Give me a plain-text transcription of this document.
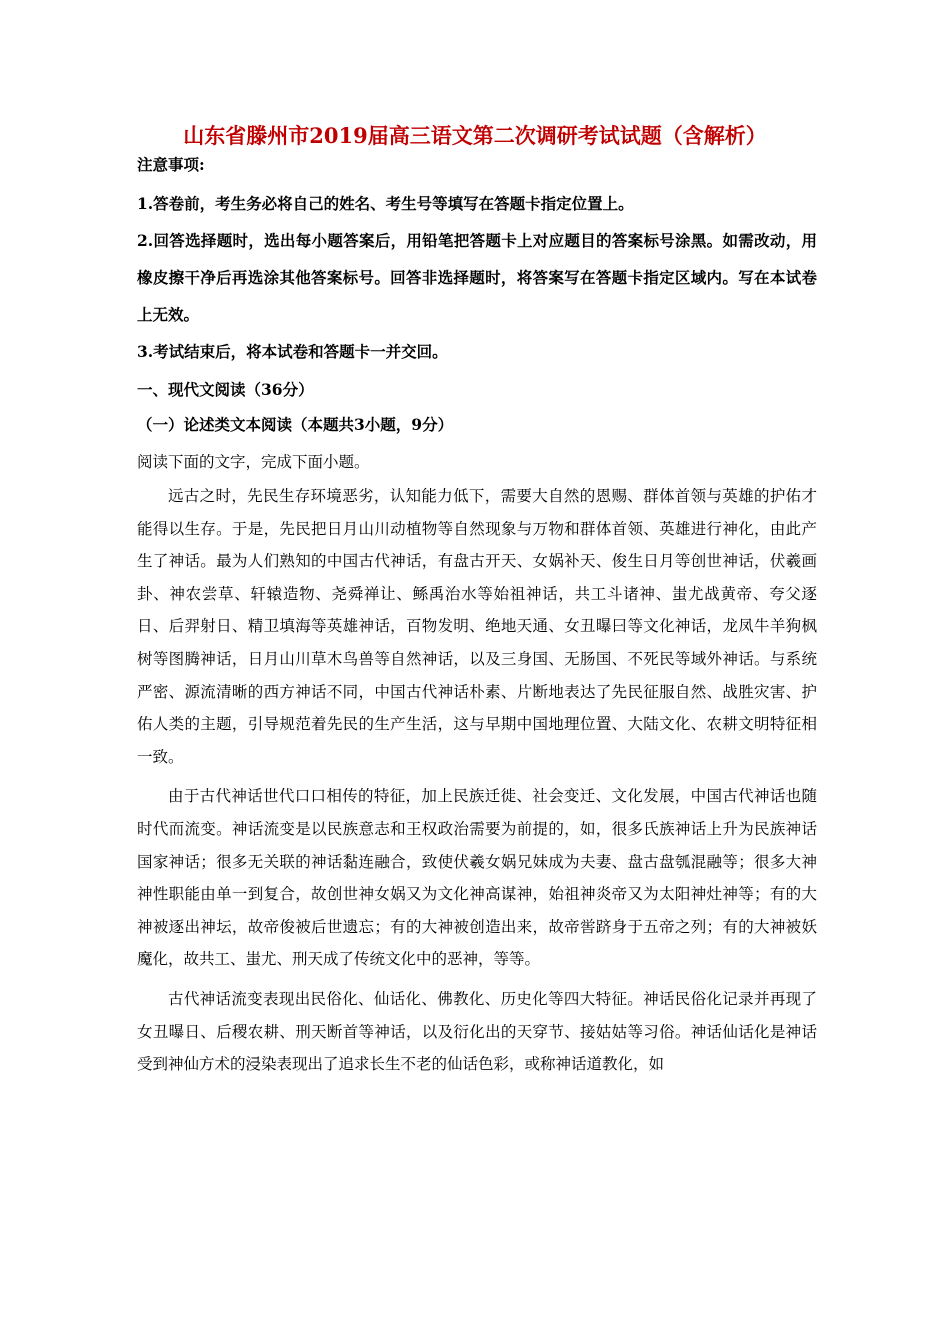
山东省滕州市2019届高三语文第二次调研考试试题（含解析）
注意事项:
1.答卷前，考生务必将自己的姓名、考生号等填写在答题卡指定位置上。
2.回答选择题时，选出每小题答案后，用铅笔把答题卡上对应题目的答案标号涂黑。如需改动，用橡皮擦干净后再选涂其他答案标号。回答非选择题时，将答案写在答题卡指定区域内。写在本试卷上无效。
3.考试结束后，将本试卷和答题卡一并交回。
一、现代文阅读（36分）
（一）论述类文本阅读（本题共3小题，9分）
阅读下面的文字，完成下面小题。

远古之时，先民生存环境恶劣，认知能力低下，需要大自然的恩赐、群体首领与英雄的护佑才能得以生存。于是，先民把日月山川动植物等自然现象与万物和群体首领、英雄进行神化，由此产生了神话。最为人们熟知的中国古代神话，有盘古开天、女娲补天、俊生日月等创世神话，伏羲画卦、神农尝草、轩辕造物、尧舜禅让、鲧禹治水等始祖神话，共工斗诸神、蚩尤战黄帝、夸父逐日、后羿射日、精卫填海等英雄神话，百物发明、绝地天通、女丑曝曰等文化神话，龙凤牛羊狗枫树等图腾神话，日月山川草木鸟兽等自然神话，以及三身国、无肠国、不死民等域外神话。与系统严密、源流清晰的西方神话不同，中国古代神话朴素、片断地表达了先民征服自然、战胜灾害、护佑人类的主题，引导规范着先民的生产生活，这与早期中国地理位置、大陆文化、农耕文明特征相一致。

由于古代神话世代口口相传的特征，加上民族迁徙、社会变迁、文化发展，中国古代神话也随时代而流变。神话流变是以民族意志和王权政治需要为前提的，如，很多氏族神话上升为民族神话国家神话；很多无关联的神话黏连融合，致使伏羲女娲兄妹成为夫妻、盘古盘瓠混融等；很多大神神性职能由单一到复合，故创世神女娲又为文化神高谋神，始祖神炎帝又为太阳神灶神等；有的大神被逐出神坛，故帝俊被后世遗忘；有的大神被创造出来，故帝喾跻身于五帝之列；有的大神被妖魔化，故共工、蚩尤、刑天成了传统文化中的恶神，等等。

古代神话流变表现出民俗化、仙话化、佛教化、历史化等四大特征。神话民俗化记录并再现了女丑曝日、后稷农耕、刑天断首等神话，以及衍化出的天穿节、接姑姑等习俗。神话仙话化是神话受到神仙方术的浸染表现出了追求长生不老的仙话色彩，或称神话道教化，如
